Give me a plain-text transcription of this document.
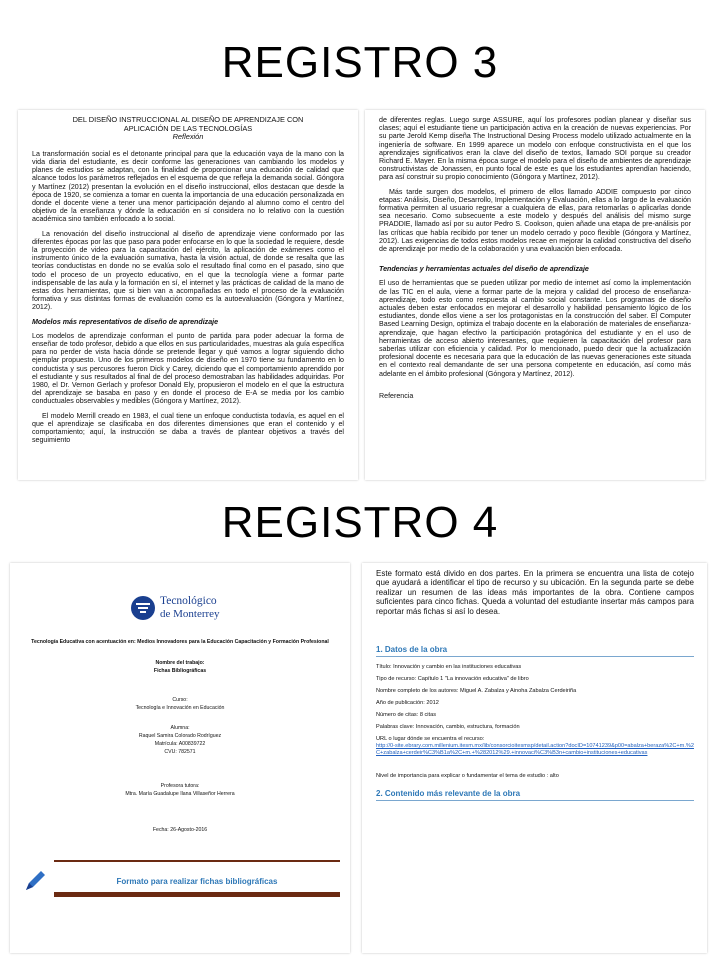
REGISTRO 3
REGISTRO 4
DEL DISEÑO INSTRUCCIONAL AL DISEÑO DE APRENDIZAJE CON
APLICACIÓN DE LAS TECNOLOGÍAS
Reflexión

La transformación social es el detonante principal para que la educación vaya de la mano con la vida diaria del estudiante, es decir conforme las generaciones van cambiando los modelos y planes de estudios se adaptan, con la finalidad de proporcionar una educación de calidad que alcance todos los parámetros reflejados en el esquema de que refleja la demanda social. Góngora y Martínez (2012) presentan la evolución en el diseño instruccional, ellos destacan que desde la época de 1920, se comienza a tomar en cuenta la importancia de una educación personalizada en donde el docente viene a tener una menor participación dejando al alumno como el centro del objetivo de la enseñanza y dónde la educación en sí considera no lo relativo con la cuestión académica sino también enfocado a lo social.

La renovación del diseño instruccional al diseño de aprendizaje viene conformado por las diferentes épocas por las que paso para poder enfocarse en lo que la sociedad le requiere, desde la proyección de video para la capacitación del ejército, la aplicación de exámenes como el instrumento único de la evaluación sumativa, hasta la visión actual, de donde se resalta que las teorías conductistas en donde no se evalúa solo el resultado final como en el pasado, sino que todo el proceso de un proyecto educativo, en el que la tecnología viene a formar parte indispensable de las aula y la formación en sí, el internet y las prácticas de calidad de la mano de estas dos herramientas, que si bien van a acompañadas en todo el proceso de la evaluación formativa y sus distintas formas de evaluación como es la autoevaluación (Góngora y Martínez, 2012).

Modelos más representativos de diseño de aprendizaje

Los modelos de aprendizaje conforman el punto de partida para poder adecuar la forma de enseñar de todo profesor, debido a que ellos en sus particularidades, muestras ala guía específica para no perder de vista hacia dónde se pretende llegar y qué vamos a lograr siguiendo dicho ejemplar propuesto. Uno de los primeros modelos de diseño en 1970 tiene su fundamento en lo conductista y sus percusores fueron Dick y Carey, diciendo que el comportamiento aprendido por el estudiante y sus resultados al final de del proceso demostraban las habilidades adquiridas. Por 1980, el Dr. Vernon Gerlach y profesor Donald Ely, propusieron el modelo en el que la estructura del aprendizaje se basaba en paso y en donde el proceso de E-A se media por los cambio conductuales observables y medibles (Góngora y Martínez, 2012).

El modelo Merrill creado en 1983, el cual tiene un enfoque conductista todavía, es aquel en el que el aprendizaje se clasificaba en dos diferentes dimensiones que eran el contenido y el comportamiento; aquí, la instrucción se daba a través de plantear objetivos a través del seguimiento

de diferentes reglas. Luego surge ASSURE, aquí los profesores podían planear y diseñar sus clases; aquí el estudiante tiene un participación activa en la creación de nuevas experiencias. Por su parte Jerold Kemp diseña The Instructional Desing Process modelo utilizado actualmente en la ingeniería de software. En 1999 aparece un modelo con enfoque constructivista en el que los aprendizajes significativos eran la clave del diseño de textos, llamado SOI porque su creador Richard E. Mayer. En la misma época surge el modelo para el diseño de ambientes de aprendizaje constructivistas de Jonassen, en punto focal de este es que los estudiantes aprendían haciendo, para así construir su propio conocimiento (Góngora y Martínez, 2012).

Más tarde surgen dos modelos, el primero de ellos llamado ADDIE compuesto por cinco etapas: Análisis, Diseño, Desarrollo, Implementación y Evaluación, ellas a lo largo de la evaluación formativa permiten al usuario regresar a cualquiera de ellas, para retomarlas o aplicarlas donde sea necesario. Como subsecuente a este modelo y después del análisis del mismo surge PRADDIE, llamado así por su autor Pedro S. Cookson, quien añade una etapa de pre-análisis por las críticas que había recibido por tener un modelo cerrado y poco flexible (Góngora y Martínez, 2012). Las exigencias de todos estos modelos recae en mejorar la calidad constructiva del diseño de aprendizaje por medio de la colaboración y una evaluación bien enfocada.

Tendencias y herramientas actuales del diseño de aprendizaje

El uso de herramientas que se pueden utilizar por medio de internet así como la implementación de las TIC en el aula, viene a formar parte de la mejora y calidad del proceso de enseñanza-aprendizaje, todo esto como respuesta al cambio social constante. Los programas de diseño actuales deben estar enfocados en mejorar el desarrollo y habilidad pensamiento lógico de los estudiantes, donde ellos viene a ser los protagonistas en la construcción del saber. El Computer Based Learning Design, optimiza el trabajo docente en la elaboración de materiales de enseñanza-aprendizaje, que hagan efectivo la participación protagónica del estudiante y en el uso de herramientas de acceso abierto interesantes, que requieren la capacitación del profesor para saberlas utilizar con eficiencia y calidad. Por lo mencionado, puedo decir que la actualización profesional docente es necesaria para que la educación de las nuevas generaciones este situada en el contexto real demandante de ser una persona competente en educación, así como más adelante en el ámbito profesional (Góngora y Martínez, 2012).

Referencia

Tecnológico
de Monterrey
Tecnología Educativa con acentuación en: Medios Innovadores para la Educación Capacitación y Formación Profesional
Nombre del trabajo:
Fichas Bibliográficas
Curso:
Tecnología e Innovación en Educación
Alumna:
Raquel Samira Colorado Rodríguez
Matrícula: A00839722
CVU: 782571
Profesora tutora:
Mtra. María Guadalupe Ilana Villaseñor Herrera
Fecha: 26-Agosto-2016
Formato para realizar fichas bibliográficas
Este formato está divido en dos partes. En la primera se encuentra una lista de cotejo que ayudará a identificar el tipo de recurso y su ubicación. En la segunda parte se debe realizar un resumen de las ideas más importantes de la obra. Contiene campos suficientes para cinco fichas. Queda a voluntad del estudiante insertar más campos para reportar más fichas si así lo desea.
1. Datos de la obra
Título: Innovación y cambio en las instituciones educativas
Tipo de recurso: Capítulo 1 "La innovación educativa" de libro
Nombre completo de los autores: Miguel A. Zabalza y Ainoha Zabalza Cerdeiriña
Año de publicación: 2012
Número de citas: 8 citas
Palabras clave: Innovación, cambio, estructura, formación
URL o lugar dónde se encuentra el recurso:
http://0-site.ebrary.com.millenium.itesm.mx/lib/consorcioitesmsp/detail.action?docID=10741239&p00=abalza+beraza%2C+m.%2C+zabalza+cerdeir%C3%B1a%2C+m.+%282012%29.+innovaci%C3%B3n+cambio+instituciones+educativas
Nivel de importancia para explicar o fundamentar el tema de estudio : alto
2. Contenido más relevante de la obra
